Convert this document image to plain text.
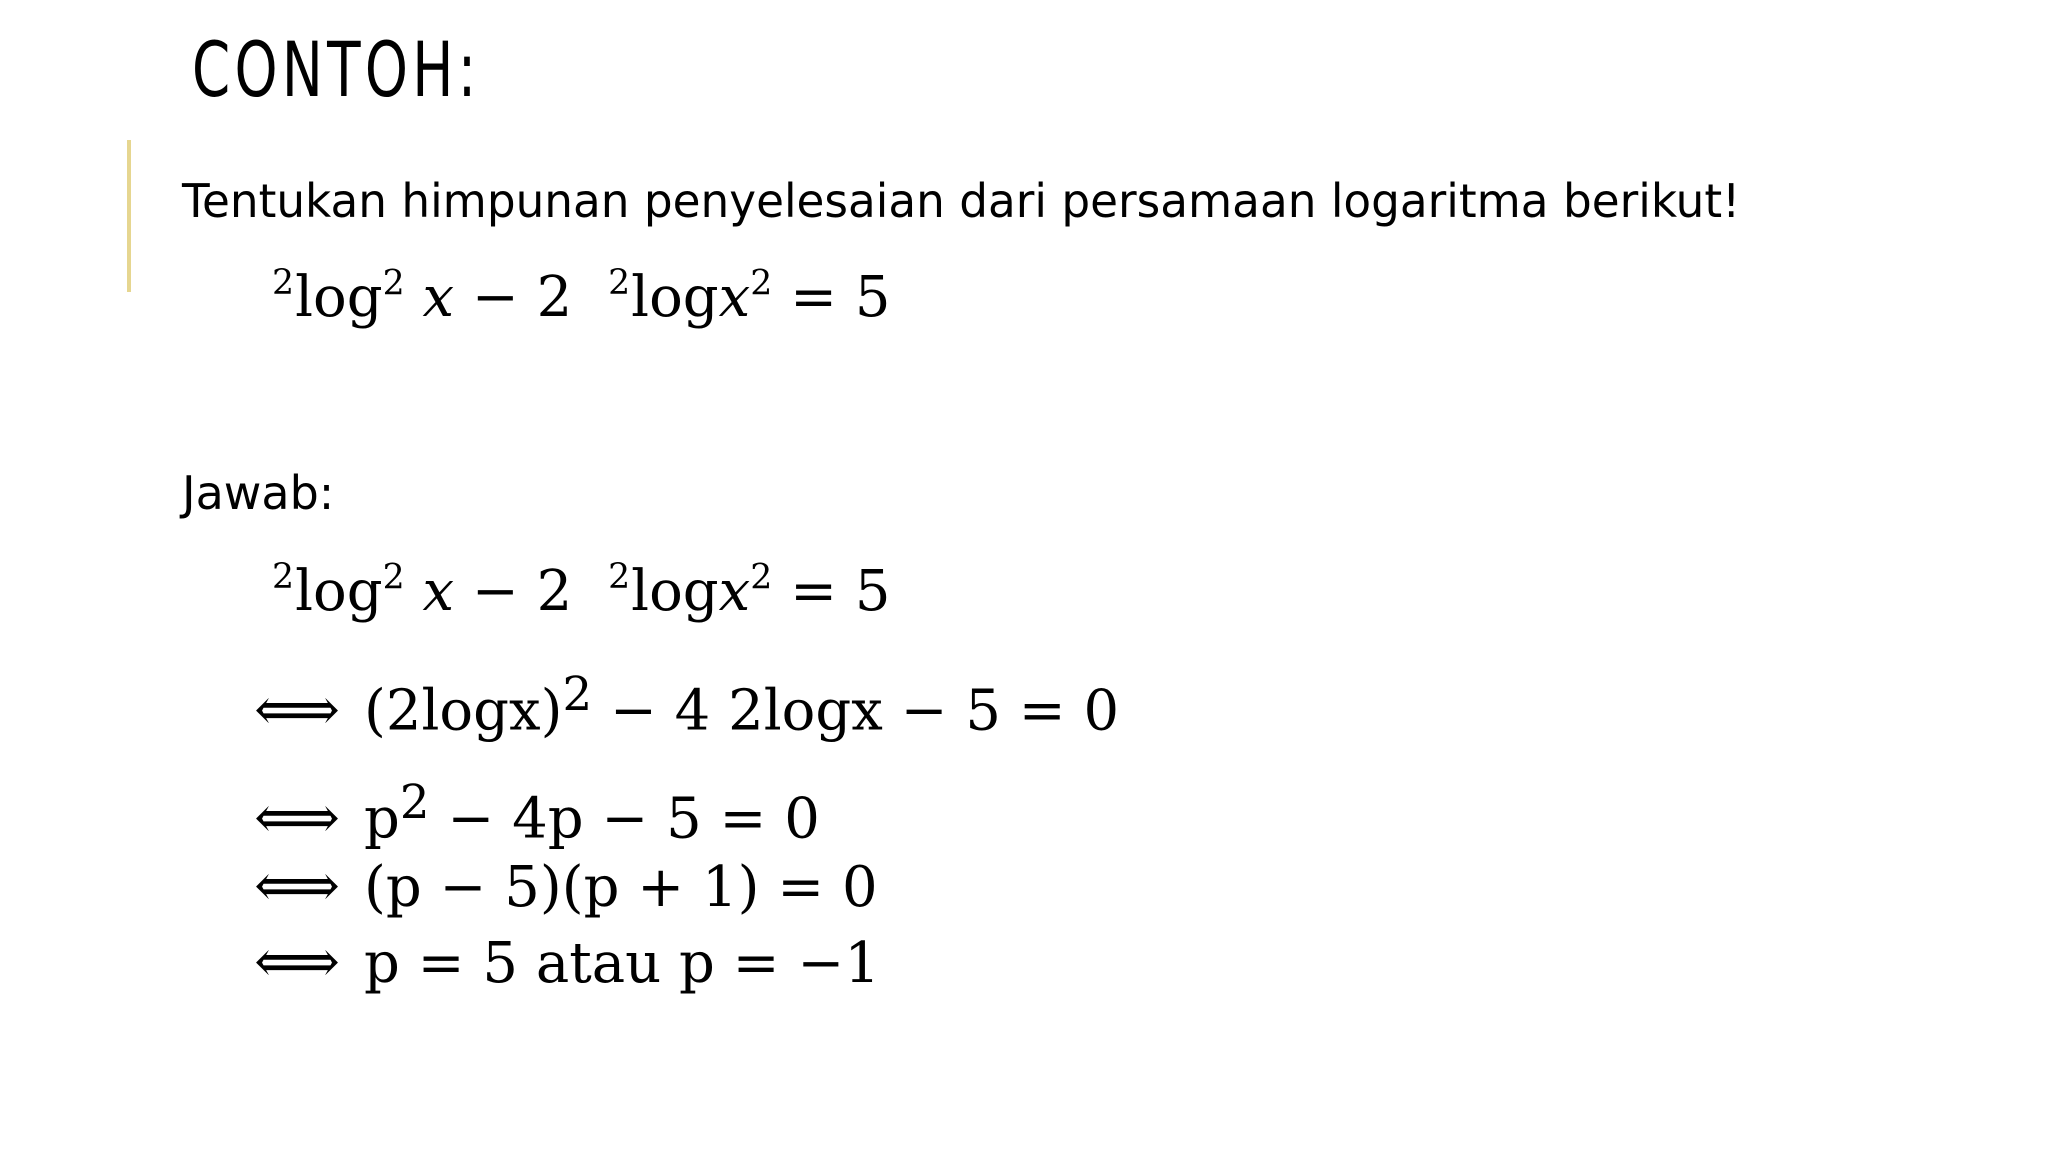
CONTOH:
Tentukan himpunan penyelesaian dari persamaan logaritma berikut!
$^2\log^2$ x − 2 $^2$logx$^2$ = 5
Jawab:
$^2\log^2$ x − 2 $^2$logx$^2$ = 5
⟺ $(2\log x)^2 - 4$ 2logx − 5 = 0
⟺ $p^2 - 4p - 5 = 0$
⟺ (p − 5)(p + 1) = 0
⟺ p = 5 atau p = −1
